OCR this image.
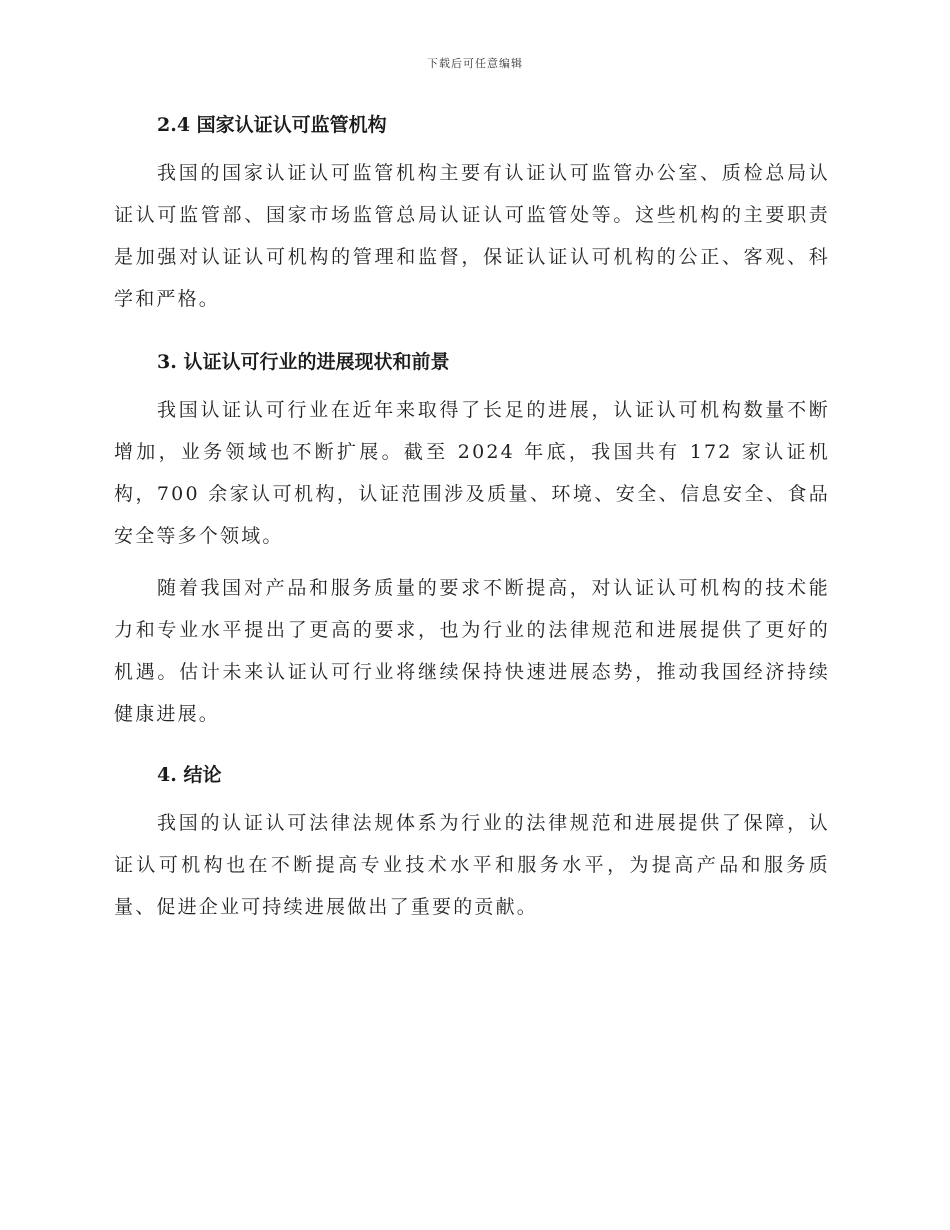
下载后可任意编辑
2.4 国家认证认可监管机构

我国的国家认证认可监管机构主要有认证认可监管办公室、质检总局认证认可监管部、国家市场监管总局认证认可监管处等。这些机构的主要职责是加强对认证认可机构的管理和监督，保证认证认可机构的公正、客观、科学和严格。

3. 认证认可行业的进展现状和前景

我国认证认可行业在近年来取得了长足的进展，认证认可机构数量不断增加，业务领域也不断扩展。截至 2024 年底，我国共有 172 家认证机构，700 余家认可机构，认证范围涉及质量、环境、安全、信息安全、食品安全等多个领域。

随着我国对产品和服务质量的要求不断提高，对认证认可机构的技术能力和专业水平提出了更高的要求，也为行业的法律规范和进展提供了更好的机遇。估计未来认证认可行业将继续保持快速进展态势，推动我国经济持续健康进展。

4. 结论

我国的认证认可法律法规体系为行业的法律规范和进展提供了保障，认证认可机构也在不断提高专业技术水平和服务水平，为提高产品和服务质量、促进企业可持续进展做出了重要的贡献。
